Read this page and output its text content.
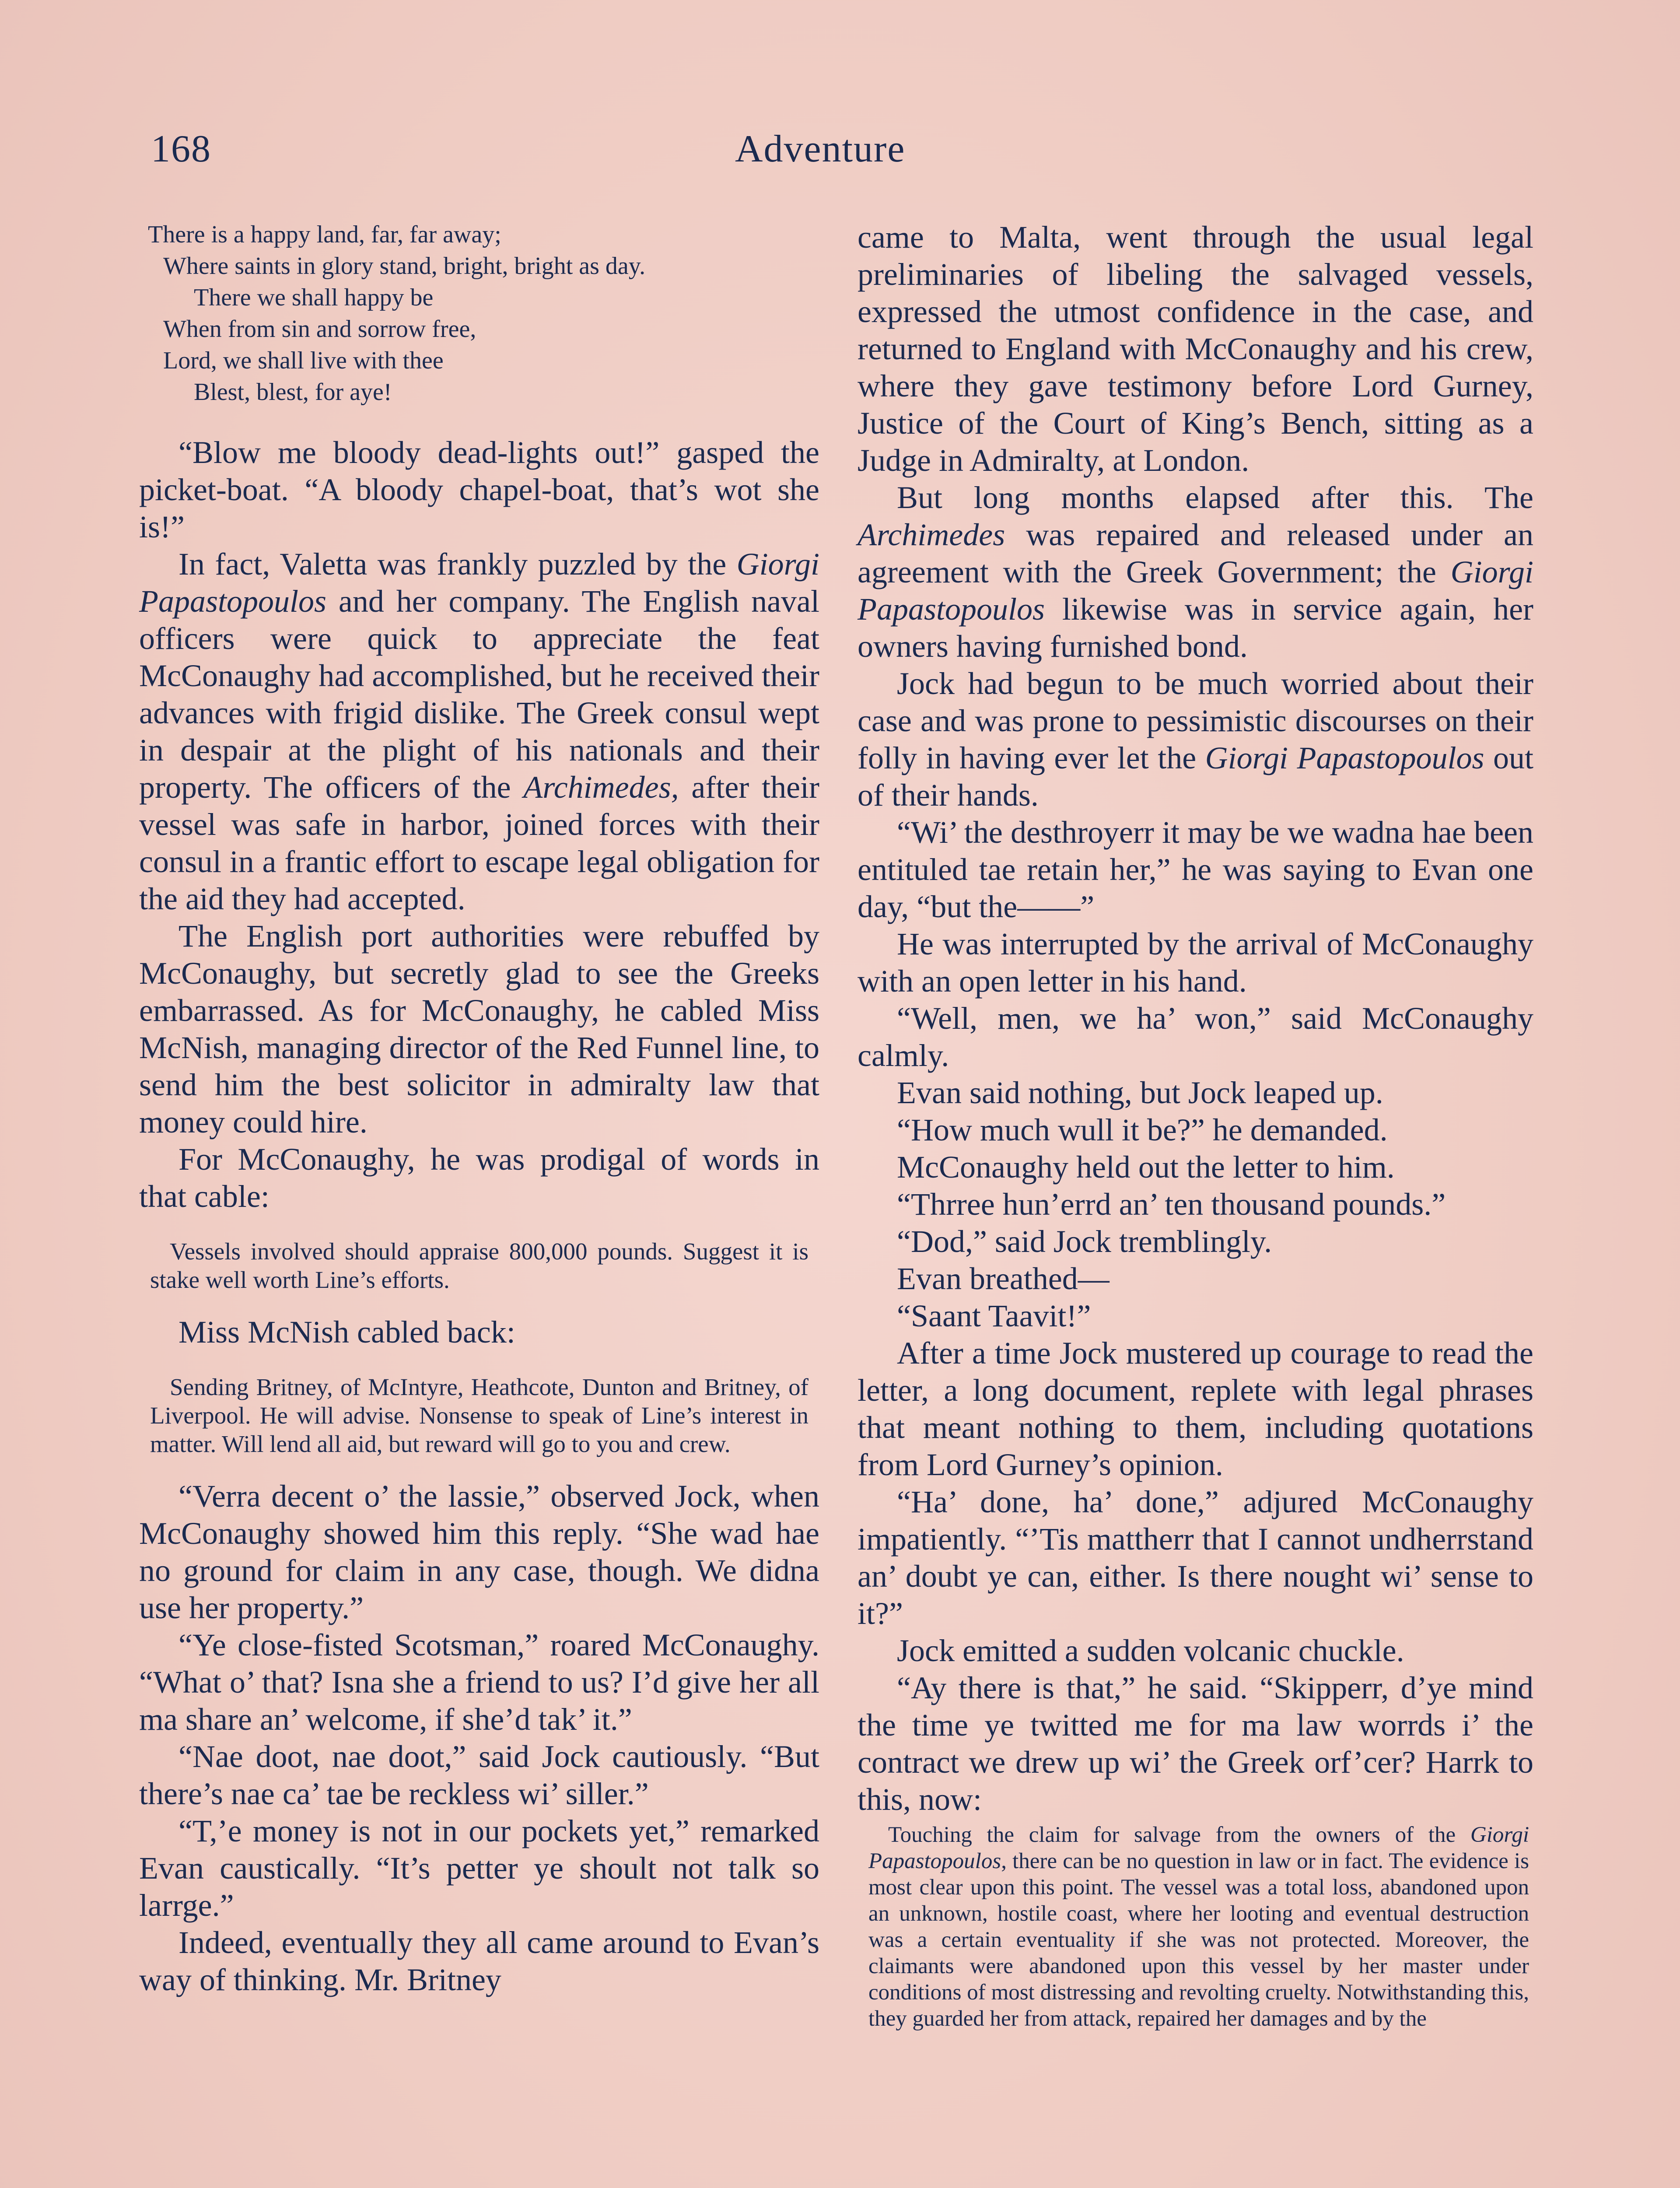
168	Adventure
There is a happy land, far, far away;
Where saints in glory stand, bright, bright as day.
There we shall happy be
When from sin and sorrow free,
Lord, we shall live with thee
Blest, blest, for aye!

“Blow me bloody dead-lights out!” gasped the picket-boat. “A bloody chapel-boat, that’s wot she is!”

In fact, Valetta was frankly puzzled by the Giorgi Papastopoulos and her company. The English naval officers were quick to appreciate the feat McConaughy had accomplished, but he received their advances with frigid dislike. The Greek consul wept in despair at the plight of his nationals and their property. The officers of the Archimedes, after their vessel was safe in harbor, joined forces with their consul in a frantic effort to escape legal obligation for the aid they had accepted.

The English port authorities were rebuffed by McConaughy, but secretly glad to see the Greeks embarrassed. As for McConaughy, he cabled Miss McNish, managing director of the Red Funnel line, to send him the best solicitor in admiralty law that money could hire.

For McConaughy, he was prodigal of words in that cable:

Vessels involved should appraise 800,000 pounds. Suggest it is stake well worth Line’s efforts.

Miss McNish cabled back:

Sending Britney, of McIntyre, Heathcote, Dunton and Britney, of Liverpool. He will advise. Nonsense to speak of Line’s interest in matter. Will lend all aid, but reward will go to you and crew.

“Verra decent o’ the lassie,” observed Jock, when McConaughy showed him this reply. “She wad hae no ground for claim in any case, though. We didna use her property.”

“Ye close-fisted Scotsman,” roared McConaughy. “What o’ that? Isna she a friend to us? I’d give her all ma share an’ welcome, if she’d tak’ it.”

“Nae doot, nae doot,” said Jock cautiously. “But there’s nae ca’ tae be reckless wi’ siller.”

“T,’e money is not in our pockets yet,” remarked Evan caustically. “It’s petter ye shoult not talk so larrge.”

Indeed, eventually they all came around to Evan’s way of thinking. Mr. Britney

came to Malta, went through the usual legal preliminaries of libeling the salvaged vessels, expressed the utmost confidence in the case, and returned to England with McConaughy and his crew, where they gave testimony before Lord Gurney, Justice of the Court of King’s Bench, sitting as a Judge in Admiralty, at London.

But long months elapsed after this. The Archimedes was repaired and released under an agreement with the Greek Government; the Giorgi Papastopoulos likewise was in service again, her owners having furnished bond.

Jock had begun to be much worried about their case and was prone to pessimistic discourses on their folly in having ever let the Giorgi Papastopoulos out of their hands.

“Wi’ the desthroyerr it may be we wadna hae been entituled tae retain her,” he was saying to Evan one day, “but the——”

He was interrupted by the arrival of McConaughy with an open letter in his hand.

“Well, men, we ha’ won,” said McConaughy calmly.

Evan said nothing, but Jock leaped up.

“How much wull it be?” he demanded.

McConaughy held out the letter to him.

“Thrree hun’errd an’ ten thousand pounds.”

“Dod,” said Jock tremblingly.

Evan breathed—

“Saant Taavit!”

After a time Jock mustered up courage to read the letter, a long document, replete with legal phrases that meant nothing to them, including quotations from Lord Gurney’s opinion.

“Ha’ done, ha’ done,” adjured McConaughy impatiently. “’Tis mattherr that I cannot undherrstand an’ doubt ye can, either. Is there nought wi’ sense to it?”

Jock emitted a sudden volcanic chuckle.

“Ay there is that,” he said. “Skipperr, d’ye mind the time ye twitted me for ma law worrds i’ the contract we drew up wi’ the Greek orf’cer? Harrk to this, now:

Touching the claim for salvage from the owners of the Giorgi Papastopoulos, there can be no question in law or in fact. The evidence is most clear upon this point. The vessel was a total loss, abandoned upon an unknown, hostile coast, where her looting and eventual destruction was a certain eventuality if she was not protected. Moreover, the claimants were abandoned upon this vessel by her master under conditions of most distressing and revolting cruelty. Notwithstanding this, they guarded her from attack, repaired her damages and by the
